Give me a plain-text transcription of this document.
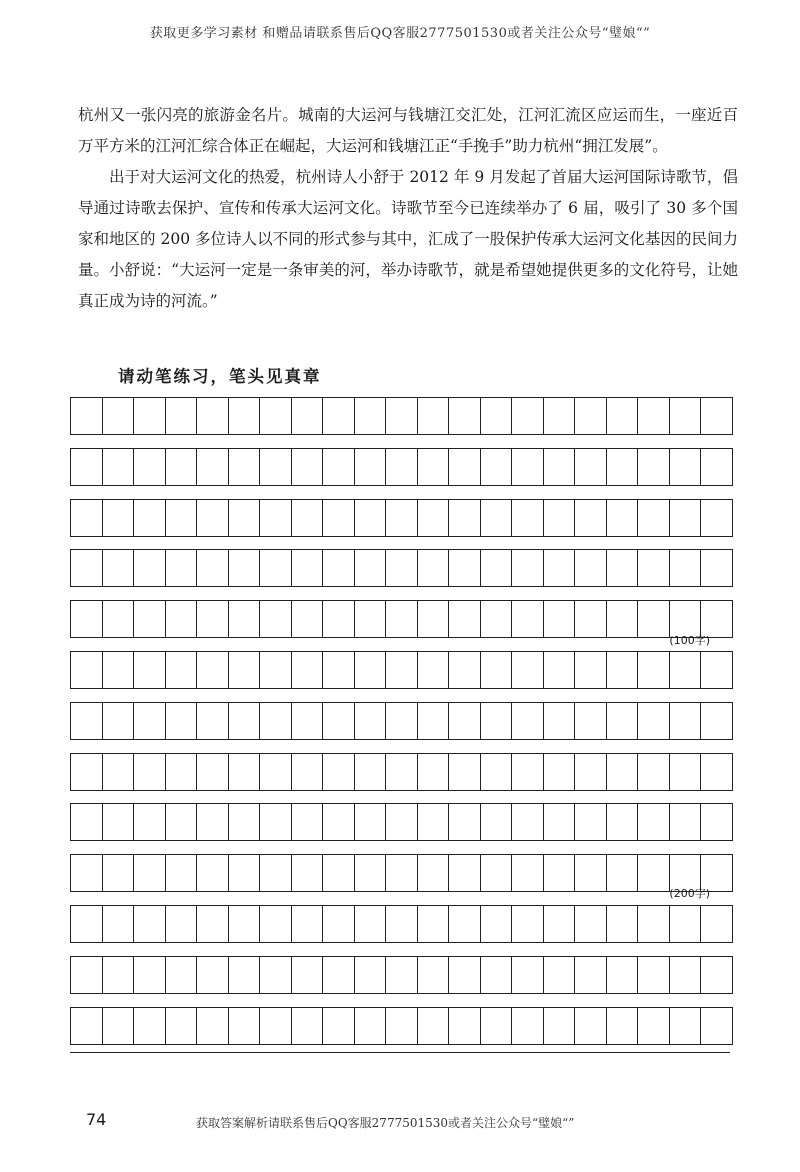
获取更多学习素材 和赠品请联系售后QQ客服2777501530或者关注公众号“璧娘“”

杭州又一张闪亮的旅游金名片。城南的大运河与钱塘江交汇处，江河汇流区应运而生，一座近百万平方米的江河汇综合体正在崛起，大运河和钱塘江正“手挽手”助力杭州“拥江发展”。

出于对大运河文化的热爱，杭州诗人小舒于 2012 年 9 月发起了首届大运河国际诗歌节，倡导通过诗歌去保护、宣传和传承大运河文化。诗歌节至今已连续举办了 6 届，吸引了 30 多个国家和地区的 200 多位诗人以不同的形式参与其中，汇成了一股保护传承大运河文化基因的民间力量。小舒说：“大运河一定是一条审美的河，举办诗歌节，就是希望她提供更多的文化符号，让她真正成为诗的河流。”

请动笔练习，笔头见真章
(100字)
(200字)
74	获取答案解析请联系售后QQ客服2777501530或者关注公众号“璧娘“”
